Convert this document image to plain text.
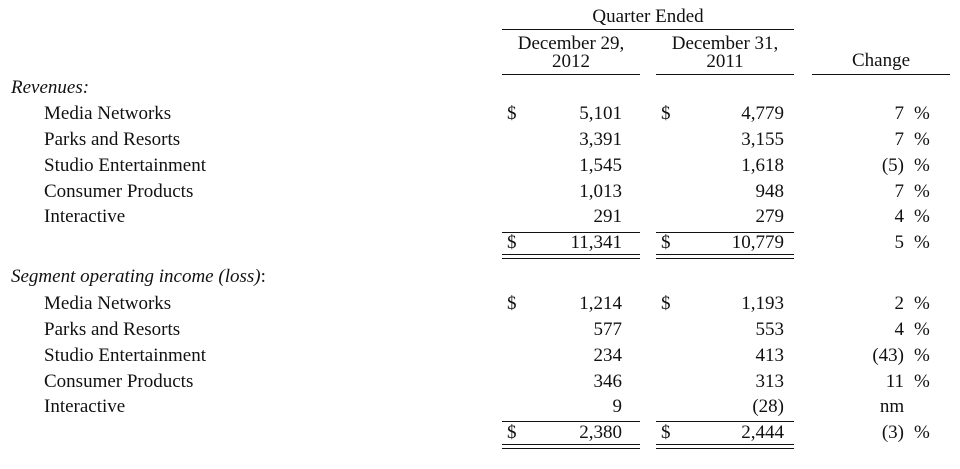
Quarter Ended
December 29,
2012
December 31,
2011	Change
Revenues:
Media Networks	$	5,101 $	4,779	7 %
Parks and Resorts	3,391	3,155	7 %
Studio Entertainment	1,545	1,618	(5) %
Consumer Products	1,013	948	7 %
Interactive	291	279	4 %
$	11,341 $	10,779	5 %
Segment operating income (loss):
Media Networks	$	1,214 $	1,193	2 %
Parks and Resorts	577	553	4 %
Studio Entertainment	234	413	(43) %
Consumer Products	346	313	11 %
Interactive	9	(28)	nm
$	2,380 $	2,444	(3) %
